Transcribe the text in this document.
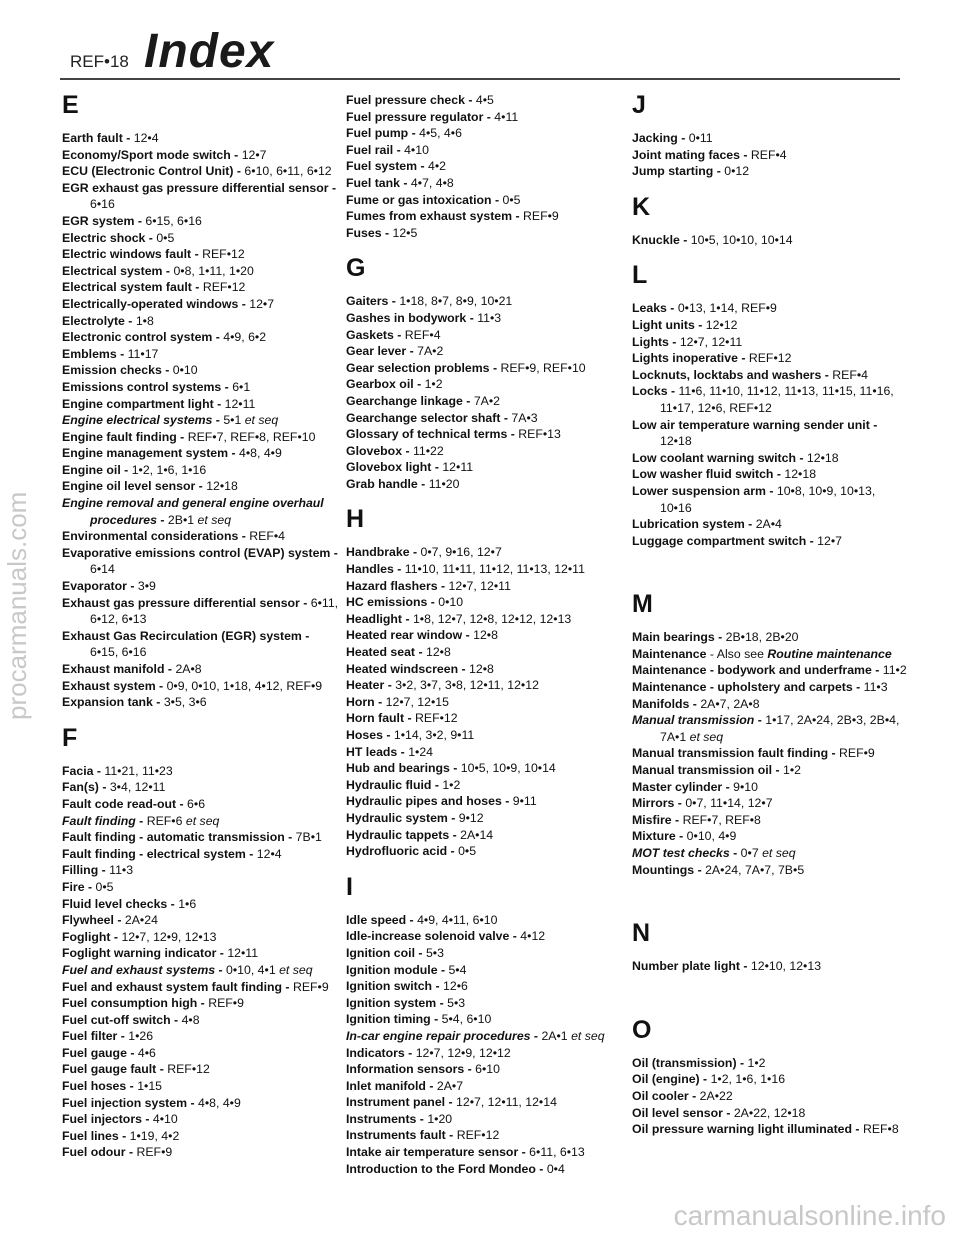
REF•18 Index
procarmanuals.com
carmanualsonline.info
E
Earth fault - 12•4
Economy/Sport mode switch - 12•7
ECU (Electronic Control Unit) - 6•10, 6•11, 6•12
EGR exhaust gas pressure differential sensor - 6•16
EGR system - 6•15, 6•16
Electric shock - 0•5
Electric windows fault - REF•12
Electrical system - 0•8, 1•11, 1•20
Electrical system fault - REF•12
Electrically-operated windows - 12•7
Electrolyte - 1•8
Electronic control system - 4•9, 6•2
Emblems - 11•17
Emission checks - 0•10
Emissions control systems - 6•1
Engine compartment light - 12•11
Engine electrical systems - 5•1 et seq
Engine fault finding - REF•7, REF•8, REF•10
Engine management system - 4•8, 4•9
Engine oil - 1•2, 1•6, 1•16
Engine oil level sensor - 12•18
Engine removal and general engine overhaul procedures - 2B•1 et seq
Environmental considerations - REF•4
Evaporative emissions control (EVAP) system - 6•14
Evaporator - 3•9
Exhaust gas pressure differential sensor - 6•11, 6•12, 6•13
Exhaust Gas Recirculation (EGR) system - 6•15, 6•16
Exhaust manifold - 2A•8
Exhaust system - 0•9, 0•10, 1•18, 4•12, REF•9
Expansion tank - 3•5, 3•6
F
Facia - 11•21, 11•23
Fan(s) - 3•4, 12•11
Fault code read-out - 6•6
Fault finding - REF•6 et seq
Fault finding - automatic transmission - 7B•1
Fault finding - electrical system - 12•4
Filling - 11•3
Fire - 0•5
Fluid level checks - 1•6
Flywheel - 2A•24
Foglight - 12•7, 12•9, 12•13
Foglight warning indicator - 12•11
Fuel and exhaust systems - 0•10, 4•1 et seq
Fuel and exhaust system fault finding - REF•9
Fuel consumption high - REF•9
Fuel cut-off switch - 4•8
Fuel filter - 1•26
Fuel gauge - 4•6
Fuel gauge fault - REF•12
Fuel hoses - 1•15
Fuel injection system - 4•8, 4•9
Fuel injectors - 4•10
Fuel lines - 1•19, 4•2
Fuel odour - REF•9
Fuel pressure check - 4•5
Fuel pressure regulator - 4•11
Fuel pump - 4•5, 4•6
Fuel rail - 4•10
Fuel system - 4•2
Fuel tank - 4•7, 4•8
Fume or gas intoxication - 0•5
Fumes from exhaust system - REF•9
Fuses - 12•5
G
Gaiters - 1•18, 8•7, 8•9, 10•21
Gashes in bodywork - 11•3
Gaskets - REF•4
Gear lever - 7A•2
Gear selection problems - REF•9, REF•10
Gearbox oil - 1•2
Gearchange linkage - 7A•2
Gearchange selector shaft - 7A•3
Glossary of technical terms - REF•13
Glovebox - 11•22
Glovebox light - 12•11
Grab handle - 11•20
H
Handbrake - 0•7, 9•16, 12•7
Handles - 11•10, 11•11, 11•12, 11•13, 12•11
Hazard flashers - 12•7, 12•11
HC emissions - 0•10
Headlight - 1•8, 12•7, 12•8, 12•12, 12•13
Heated rear window - 12•8
Heated seat - 12•8
Heated windscreen - 12•8
Heater - 3•2, 3•7, 3•8, 12•11, 12•12
Horn - 12•7, 12•15
Horn fault - REF•12
Hoses - 1•14, 3•2, 9•11
HT leads - 1•24
Hub and bearings - 10•5, 10•9, 10•14
Hydraulic fluid - 1•2
Hydraulic pipes and hoses - 9•11
Hydraulic system - 9•12
Hydraulic tappets - 2A•14
Hydrofluoric acid - 0•5
I
Idle speed - 4•9, 4•11, 6•10
Idle-increase solenoid valve - 4•12
Ignition coil - 5•3
Ignition module - 5•4
Ignition switch - 12•6
Ignition system - 5•3
Ignition timing - 5•4, 6•10
In-car engine repair procedures - 2A•1 et seq
Indicators - 12•7, 12•9, 12•12
Information sensors - 6•10
Inlet manifold - 2A•7
Instrument panel - 12•7, 12•11, 12•14
Instruments - 1•20
Instruments fault - REF•12
Intake air temperature sensor - 6•11, 6•13
Introduction to the Ford Mondeo - 0•4
J
Jacking - 0•11
Joint mating faces - REF•4
Jump starting - 0•12
K
Knuckle - 10•5, 10•10, 10•14
L
Leaks - 0•13, 1•14, REF•9
Light units - 12•12
Lights - 12•7, 12•11
Lights inoperative - REF•12
Locknuts, locktabs and washers - REF•4
Locks - 11•6, 11•10, 11•12, 11•13, 11•15, 11•16, 11•17, 12•6, REF•12
Low air temperature warning sender unit - 12•18
Low coolant warning switch - 12•18
Low washer fluid switch - 12•18
Lower suspension arm - 10•8, 10•9, 10•13, 10•16
Lubrication system - 2A•4
Luggage compartment switch - 12•7
M
Main bearings - 2B•18, 2B•20
Maintenance - Also see Routine maintenance
Maintenance - bodywork and underframe - 11•2
Maintenance - upholstery and carpets - 11•3
Manifolds - 2A•7, 2A•8
Manual transmission - 1•17, 2A•24, 2B•3, 2B•4, 7A•1 et seq
Manual transmission fault finding - REF•9
Manual transmission oil - 1•2
Master cylinder - 9•10
Mirrors - 0•7, 11•14, 12•7
Misfire - REF•7, REF•8
Mixture - 0•10, 4•9
MOT test checks - 0•7 et seq
Mountings - 2A•24, 7A•7, 7B•5
N
Number plate light - 12•10, 12•13
O
Oil (transmission) - 1•2
Oil (engine) - 1•2, 1•6, 1•16
Oil cooler - 2A•22
Oil level sensor - 2A•22, 12•18
Oil pressure warning light illuminated - REF•8
